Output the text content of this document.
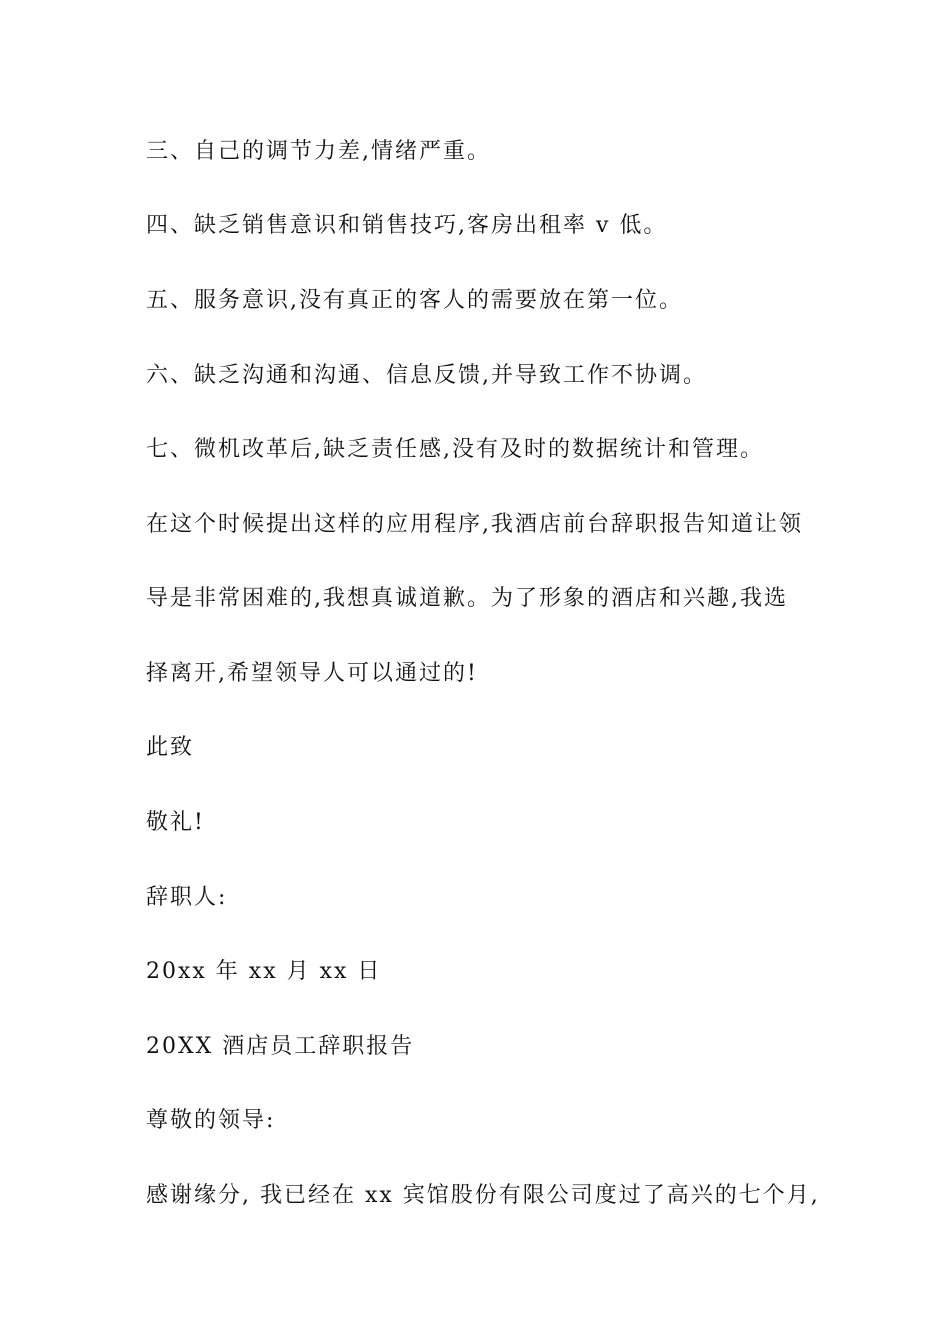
三、自己的调节力差,情绪严重。
四、缺乏销售意识和销售技巧,客房出租率 v 低。
五、服务意识,没有真正的客人的需要放在第一位。
六、缺乏沟通和沟通、信息反馈,并导致工作不协调。
七、微机改革后,缺乏责任感,没有及时的数据统计和管理。
在这个时候提出这样的应用程序,我酒店前台辞职报告知道让领
导是非常困难的,我想真诚道歉。为了形象的酒店和兴趣,我选
择离开,希望领导人可以通过的!
此致
敬礼!
辞职人:
20xx 年 xx 月 xx 日
20XX 酒店员工辞职报告
尊敬的领导:
感谢缘分, 我已经在 xx 宾馆股份有限公司度过了高兴的七个月,
